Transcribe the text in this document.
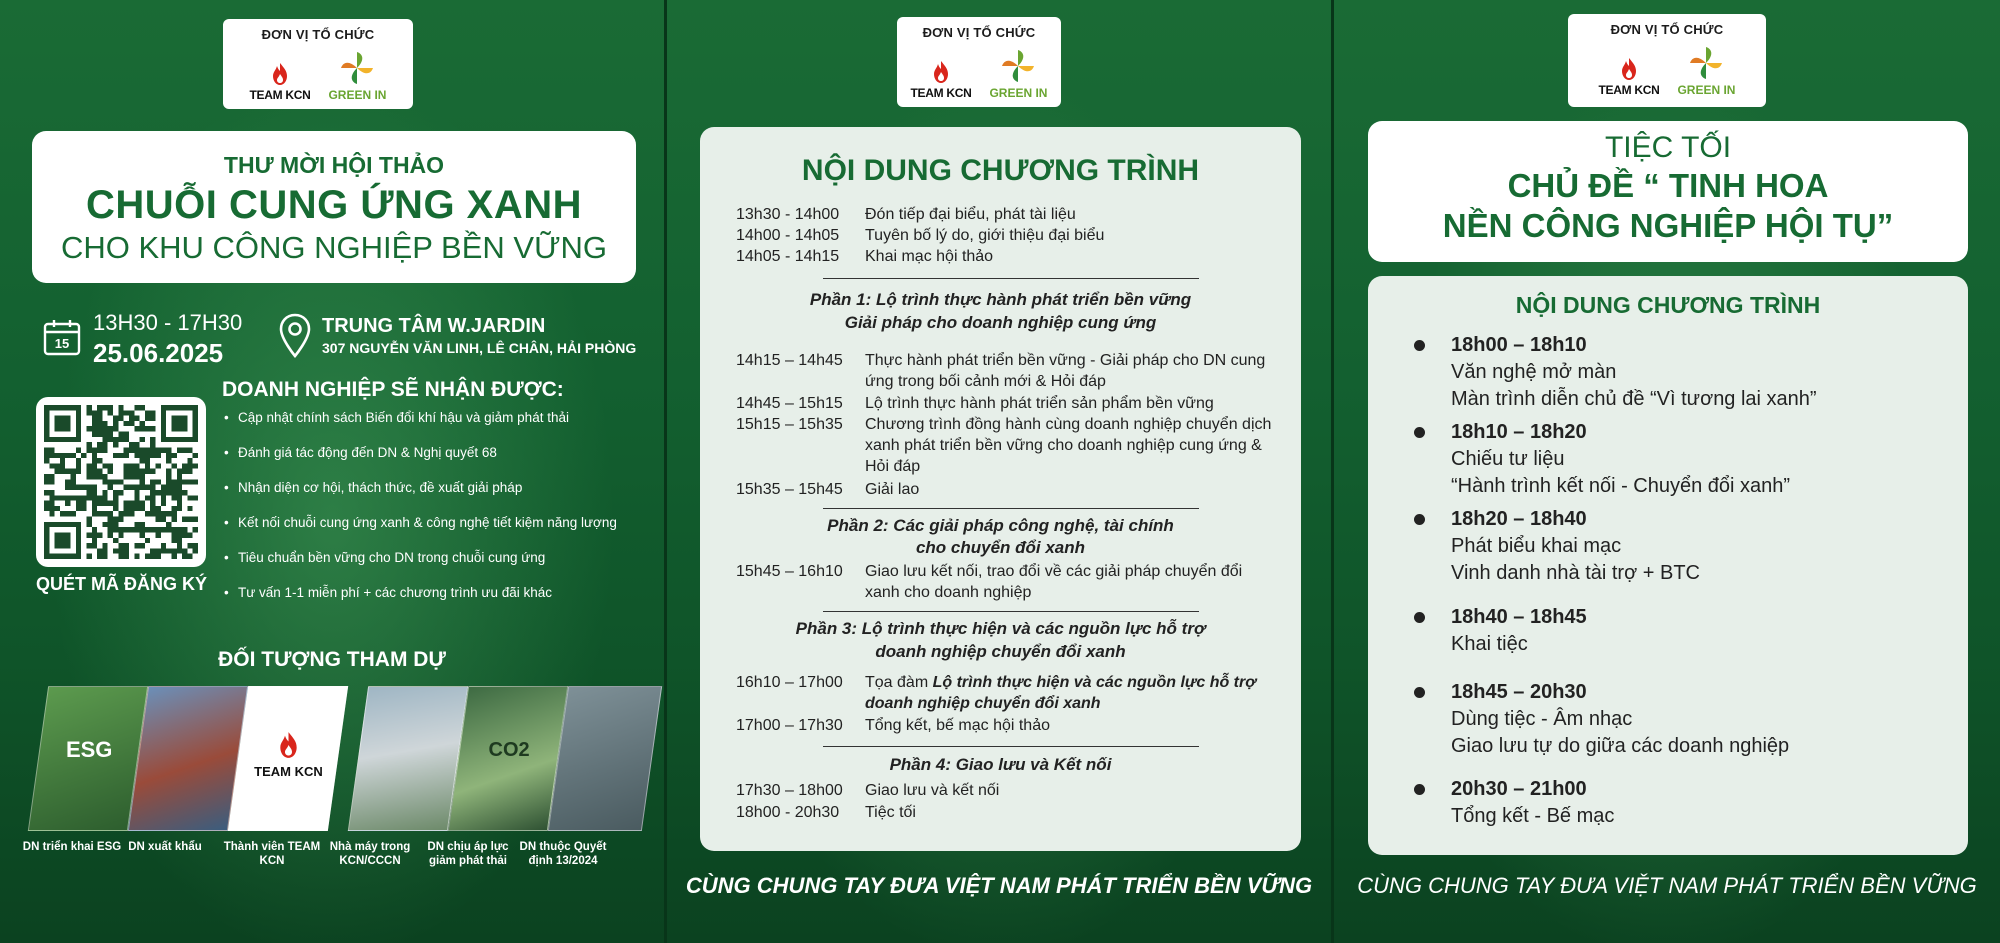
ĐƠN VỊ TỔ CHỨC
TEAM KCN GREEN IN
THƯ MỜI HỘI THẢO
CHUỖI CUNG ỨNG XANH
CHO KHU CÔNG NGHIỆP BỀN VỮNG
15
13H30 - 17H30
25.06.2025
TRUNG TÂM W.JARDIN
307 NGUYỄN VĂN LINH, LÊ CHÂN, HẢI PHÒNG
QUÉT MÃ ĐĂNG KÝ
DOANH NGHIỆP SẼ NHẬN ĐƯỢC:
• Cập nhật chính sách Biến đổi khí hậu và giảm phát thải
• Đánh giá tác động đến DN & Nghị quyết 68
• Nhận diện cơ hội, thách thức, đề xuất giải pháp
• Kết nối chuỗi cung ứng xanh & công nghệ tiết kiệm năng lượng
• Tiêu chuẩn bền vững cho DN trong chuỗi cung ứng
• Tư vấn 1-1 miễn phí + các chương trình ưu đãi khác
ĐỐI TƯỢNG THAM DỰ
ESG
TEAM KCN
CO2
DN triển khai ESG DN xuất khẩu	Thành viên TEAM KCN
Nhà máy trong KCN/CCCN
DN chịu áp lực giảm phát thải
DN thuộc Quyết định 13/2024
ĐƠN VỊ TỔ CHỨC
TEAM KCN GREEN IN
NỘI DUNG CHƯƠNG TRÌNH
13h30 - 14h00	Đón tiếp đại biểu, phát tài liệu
14h00 - 14h05	Tuyên bố lý do, giới thiệu đại biểu
14h05 - 14h15	Khai mạc hội thảo
Phần 1: Lộ trình thực hành phát triển bền vững
Giải pháp cho doanh nghiệp cung ứng
14h15 – 14h45	Thực hành phát triển bền vững - Giải pháp cho DN cung ứng trong bối cảnh mới & Hỏi đáp
14h45 – 15h15	Lộ trình thực hành phát triển sản phẩm bền vững
15h15 – 15h35	Chương trình đồng hành cùng doanh nghiệp chuyển dịch xanh phát triển bền vững cho doanh nghiệp cung ứng & Hỏi đáp
15h35 – 15h45	Giải lao
Phần 2: Các giải pháp công nghệ, tài chính
cho chuyển đổi xanh
15h45 – 16h10	Giao lưu kết nối, trao đổi về các giải pháp chuyển đổi xanh cho doanh nghiệp
Phần 3: Lộ trình thực hiện và các nguồn lực hỗ trợ
doanh nghiệp chuyển đổi xanh
16h10 – 17h00	Tọa đàm Lộ trình thực hiện và các nguồn lực hỗ trợ doanh nghiệp chuyển đổi xanh
17h00 – 17h30	Tổng kết, bế mạc hội thảo
Phần 4: Giao lưu và Kết nối
17h30 – 18h00	Giao lưu và kết nối
18h00 - 20h30	Tiệc tối
CÙNG CHUNG TAY ĐƯA VIỆT NAM PHÁT TRIỂN BỀN VỮNG
ĐƠN VỊ TỔ CHỨC
TEAM KCN GREEN IN
TIỆC TỐI
CHỦ ĐỀ “ TINH HOA
NỀN CÔNG NGHIỆP HỘI TỤ”
NỘI DUNG CHƯƠNG TRÌNH
18h00 – 18h10
Văn nghệ mở màn
Màn trình diễn chủ đề “Vì tương lai xanh”
18h10 – 18h20
Chiếu tư liệu
“Hành trình kết nối - Chuyển đổi xanh”
18h20 – 18h40
Phát biểu khai mạc
Vinh danh nhà tài trợ + BTC
18h40 – 18h45
Khai tiệc
18h45 – 20h30
Dùng tiệc - Âm nhạc
Giao lưu tự do giữa các doanh nghiệp
20h30 – 21h00
Tổng kết - Bế mạc
CÙNG CHUNG TAY ĐƯA VIỆT NAM PHÁT TRIỂN BỀN VỮNG
